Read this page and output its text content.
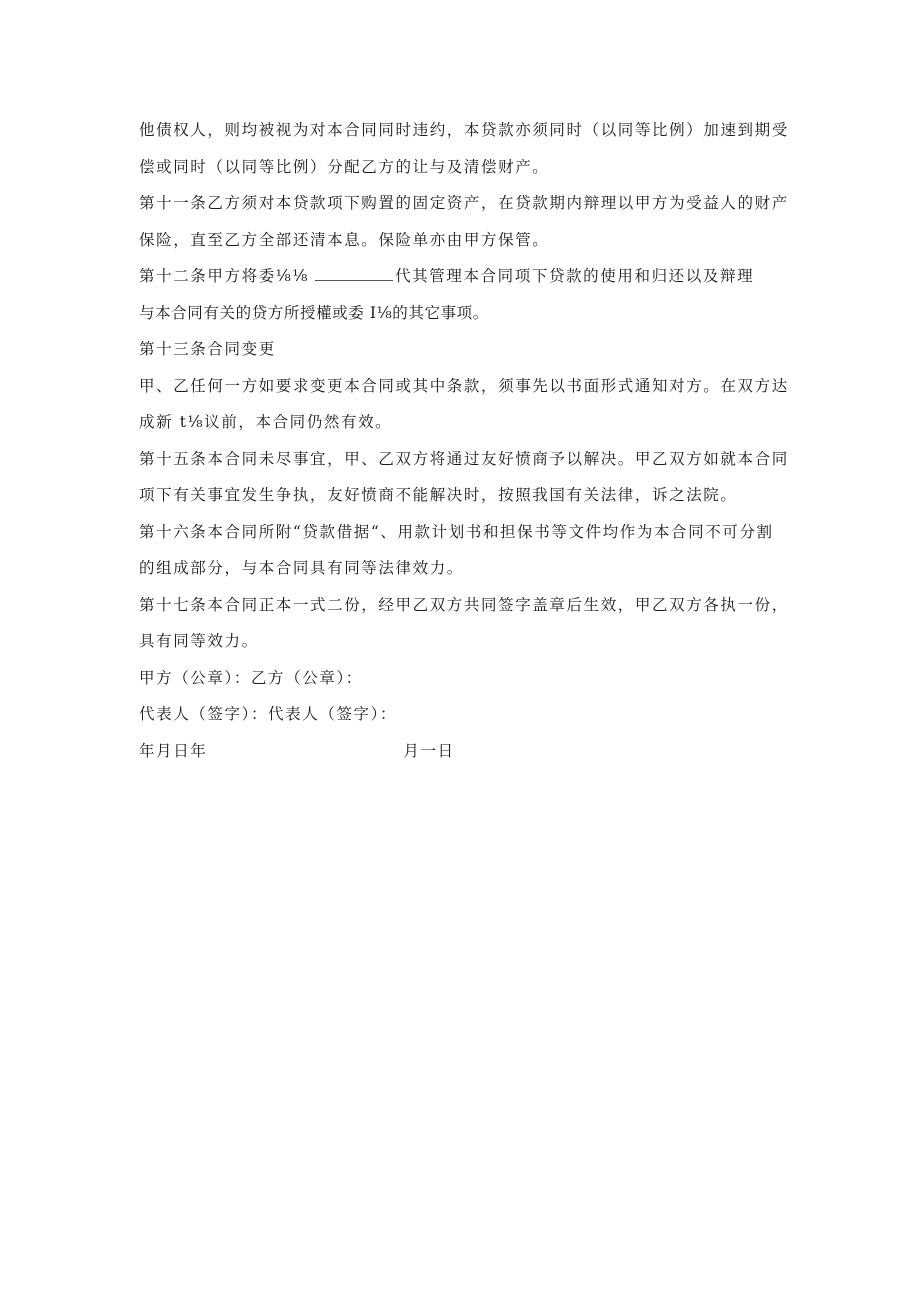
他债权人，则均被视为对本合同同时违约，本贷款亦须同时（以同等比例）加速到期受
偿或同时（以同等比例）分配乙方的让与及清偿财产。
第十一条乙方须对本贷款项下购置的固定资产，在贷款期内辩理以甲方为受益人的财产
保险，直至乙方全部还清本息。保险单亦由甲方保管。
第十二条甲方将委⅛⅛	代其管理本合同项下贷款的使用和归还以及辩理
与本合同有关的贷方所授權或委 I⅛的其它事项。
第十三条合同变更
甲、乙任何一方如要求变更本合同或其中条款，须事先以书面形式通知对方。在双方达
成新 t⅛议前，本合同仍然有效。
第十五条本合同未尽事宜，甲、乙双方将通过友好愤商予以解决。甲乙双方如就本合同
项下有关事宜发生争执，友好愤商不能解决时，按照我国有关法律，诉之法院。
第十六条本合同所附“贷款借据“、用款计划书和担保书等文件均作为本合同不可分割
的组成部分，与本合同具有同等法律效力。
第十七条本合同正本一式二份，经甲乙双方共同签字盖章后生效，甲乙双方各执一份，
具有同等效力。
甲方（公章）：乙方（公章）：
代表人（签字）：代表人（签字）：
年月日年	月一日
